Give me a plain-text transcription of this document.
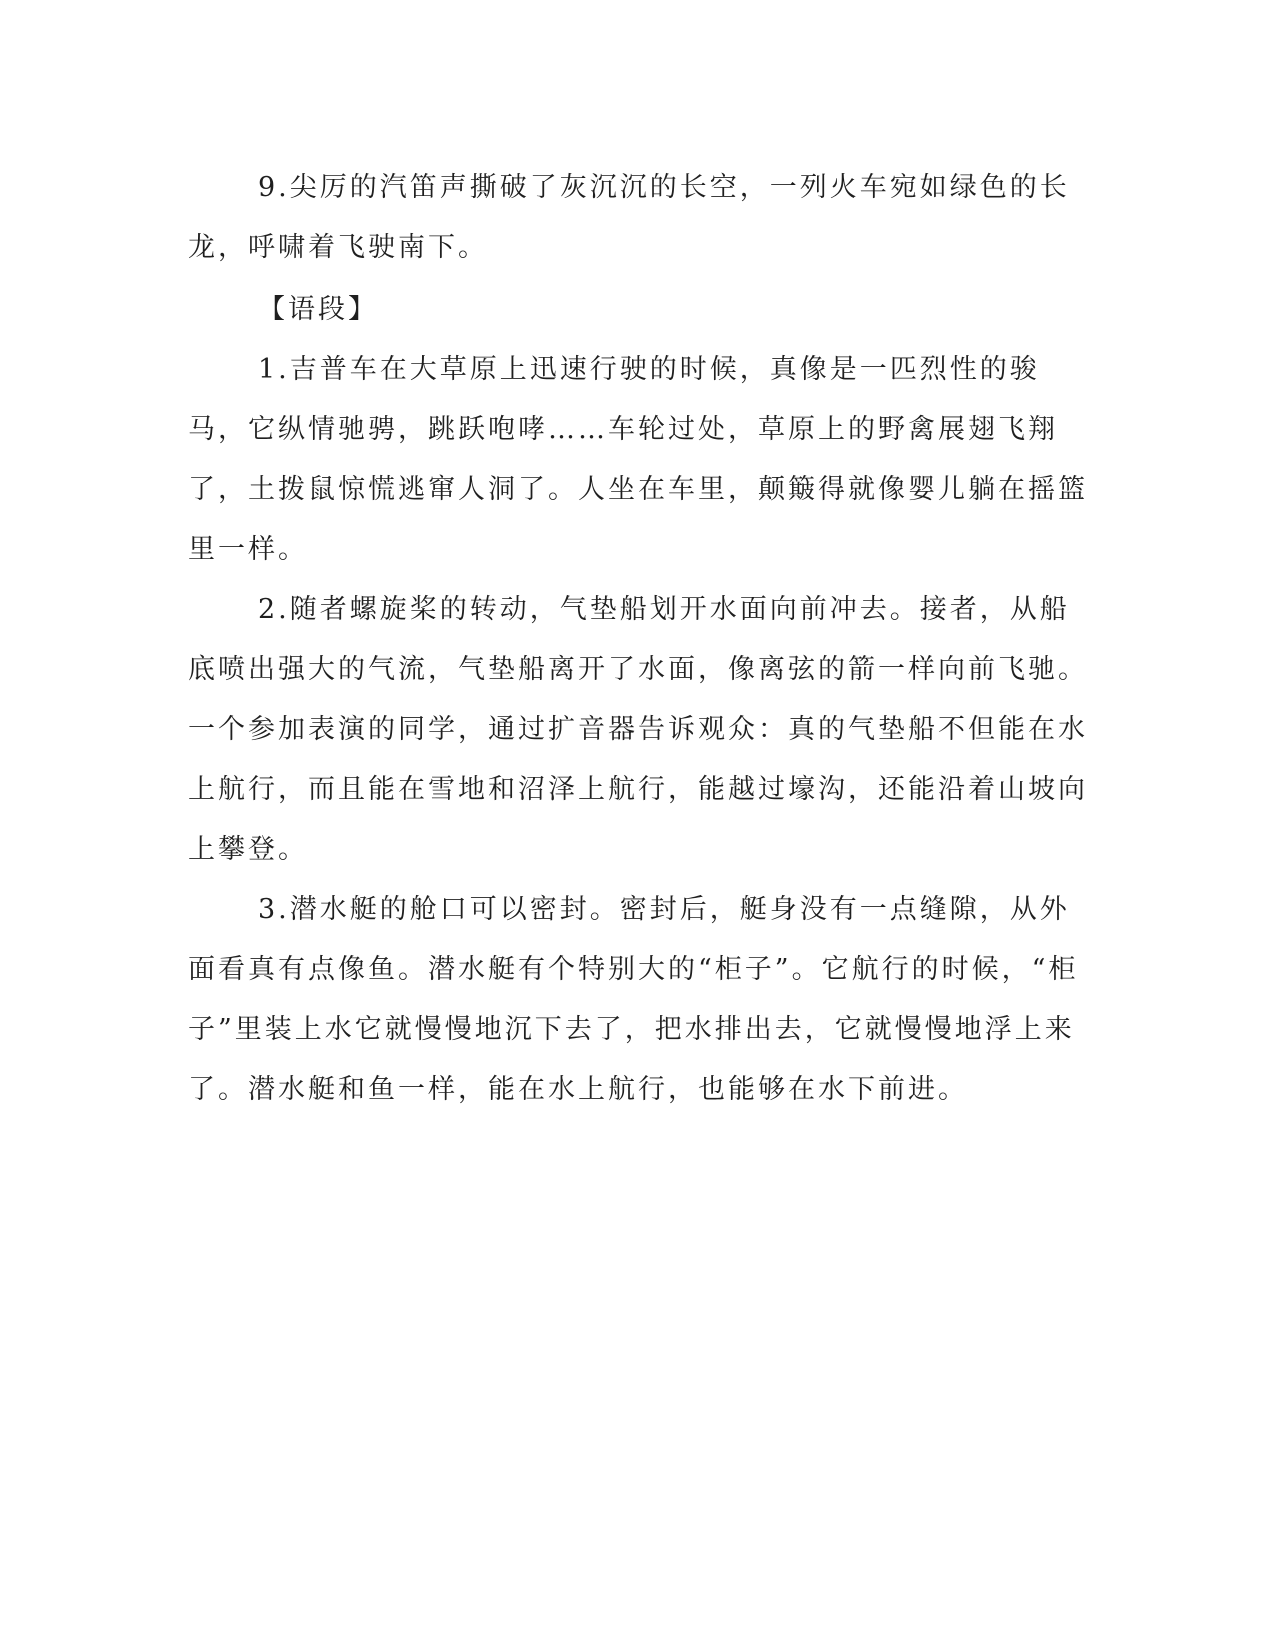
9.尖厉的汽笛声撕破了灰沉沉的长空，一列火车宛如绿色的长龙，呼啸着飞驶南下。

【语段】

1.吉普车在大草原上迅速行驶的时候，真像是一匹烈性的骏马，它纵情驰骋，跳跃咆哮……车轮过处，草原上的野禽展翅飞翔了，土拨鼠惊慌逃窜人洞了。人坐在车里，颠簸得就像婴儿躺在摇篮里一样。

2.随者螺旋桨的转动，气垫船划开水面向前冲去。接者，从船底喷出强大的气流，气垫船离开了水面，像离弦的箭一样向前飞驰。一个参加表演的同学，通过扩音器告诉观众：真的气垫船不但能在水上航行，而且能在雪地和沼泽上航行，能越过壕沟，还能沿着山坡向上攀登。

3.潜水艇的舱口可以密封。密封后，艇身没有一点缝隙，从外面看真有点像鱼。潜水艇有个特别大的“柜子”。它航行的时候，“柜子”里装上水它就慢慢地沉下去了，把水排出去，它就慢慢地浮上来了。潜水艇和鱼一样，能在水上航行，也能够在水下前进。
